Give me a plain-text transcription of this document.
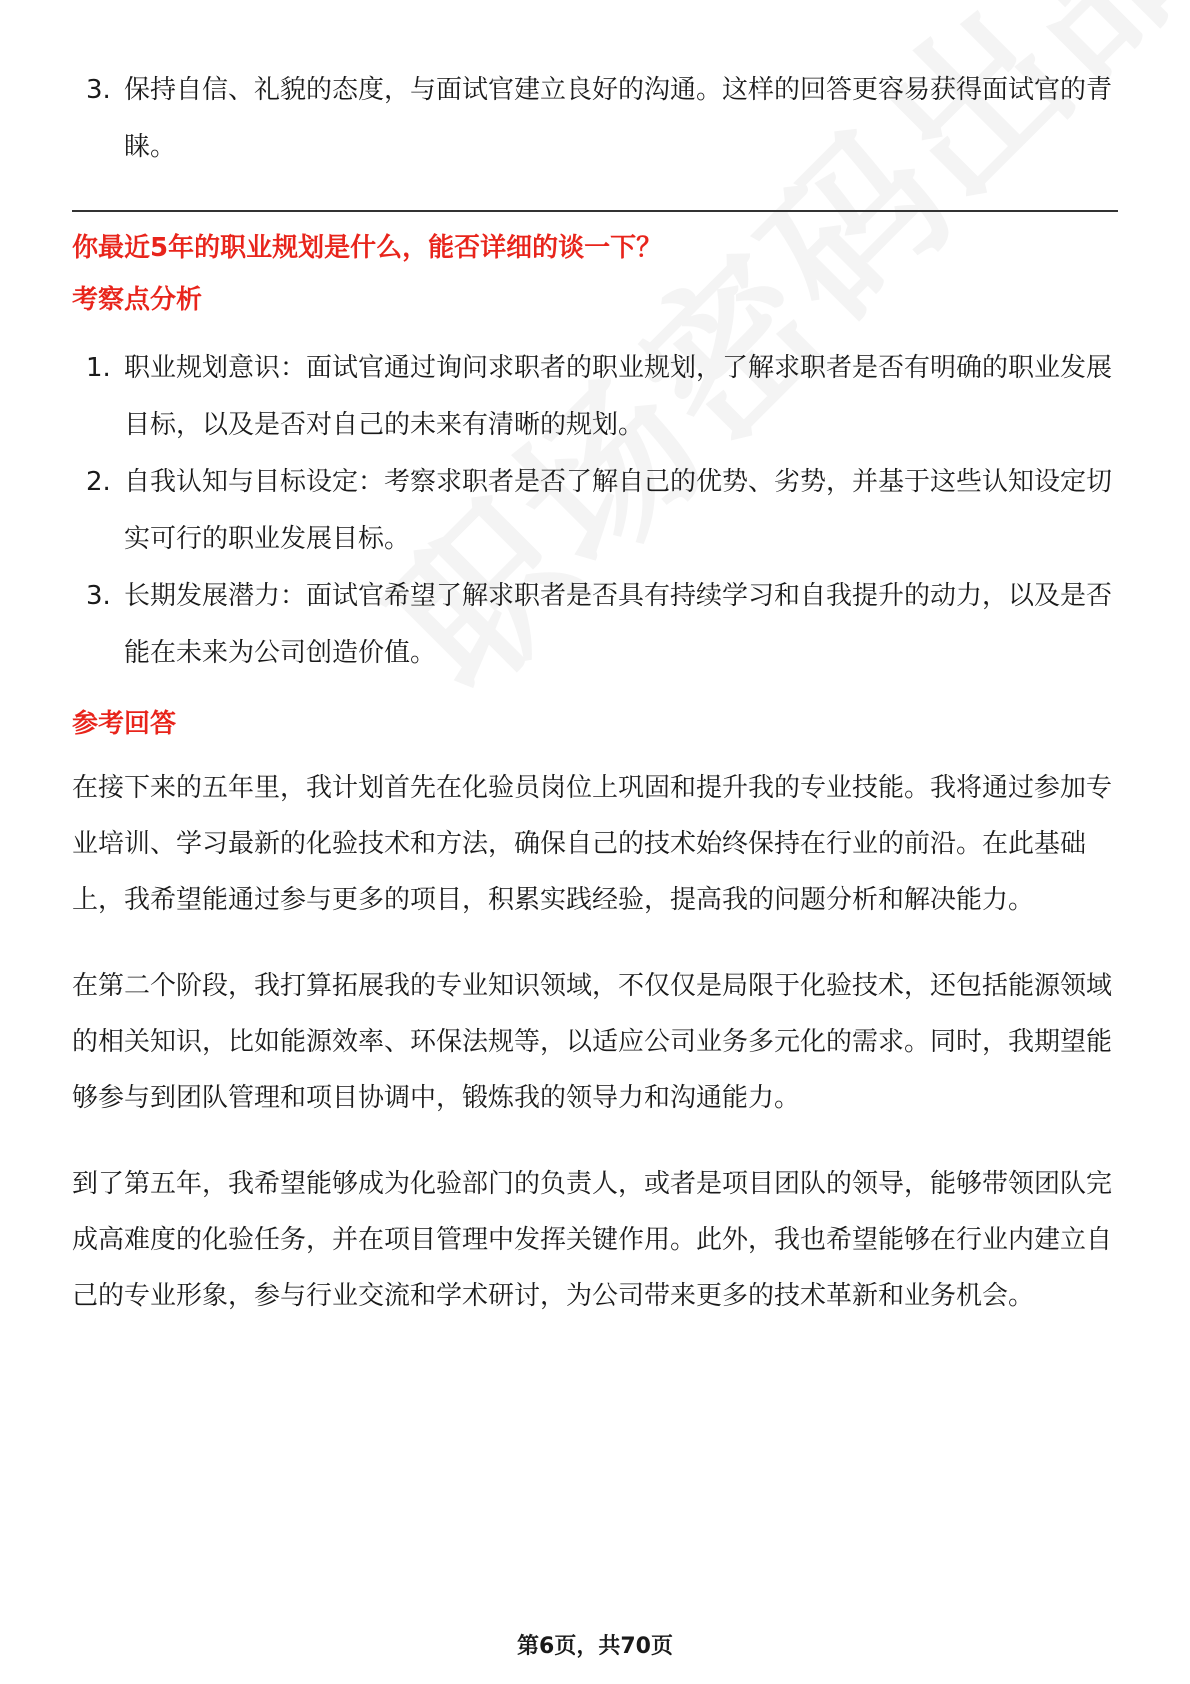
3. 保持自信、礼貌的态度，与面试官建立良好的沟通。这样的回答更容易获得面试官的青睐。
你最近5年的职业规划是什么，能否详细的谈一下？
考察点分析
1. 职业规划意识：面试官通过询问求职者的职业规划，了解求职者是否有明确的职业发展目标，以及是否对自己的未来有清晰的规划。
2. 自我认知与目标设定：考察求职者是否了解自己的优势、劣势，并基于这些认知设定切实可行的职业发展目标。
3. 长期发展潜力：面试官希望了解求职者是否具有持续学习和自我提升的动力，以及是否能在未来为公司创造价值。
参考回答

在接下来的五年里，我计划首先在化验员岗位上巩固和提升我的专业技能。我将通过参加专业培训、学习最新的化验技术和方法，确保自己的技术始终保持在行业的前沿。在此基础上，我希望能通过参与更多的项目，积累实践经验，提高我的问题分析和解决能力。

在第二个阶段，我打算拓展我的专业知识领域，不仅仅是局限于化验技术，还包括能源领域的相关知识，比如能源效率、环保法规等，以适应公司业务多元化的需求。同时，我期望能够参与到团队管理和项目协调中，锻炼我的领导力和沟通能力。

到了第五年，我希望能够成为化验部门的负责人，或者是项目团队的领导，能够带领团队完成高难度的化验任务，并在项目管理中发挥关键作用。此外，我也希望能够在行业内建立自己的专业形象，参与行业交流和学术研讨，为公司带来更多的技术革新和业务机会。

第6页，共70页
